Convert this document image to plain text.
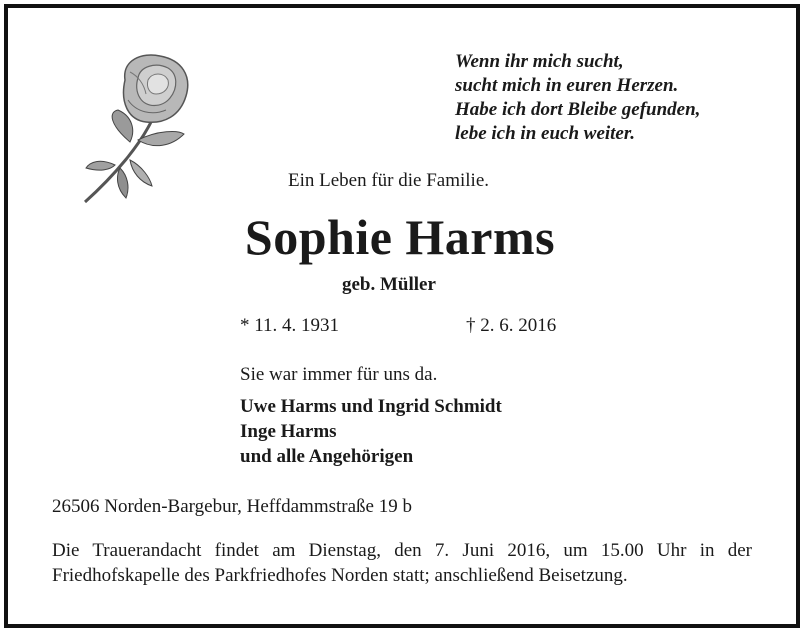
Wenn ihr mich sucht,
sucht mich in euren Herzen.
Habe ich dort Bleibe gefunden,
lebe ich in euch weiter.
Ein Leben für die Familie.
Sophie Harms
geb. Müller
* 11. 4. 1931	† 2. 6. 2016
Sie war immer für uns da.
Uwe Harms und Ingrid Schmidt
Inge Harms
und alle Angehörigen
26506 Norden-Bargebur, Heffdammstraße 19 b
Die Trauerandacht findet am Dienstag, den 7. Juni 2016, um 15.00 Uhr in der Friedhofskapelle des Parkfriedhofes Norden statt; anschließend Beisetzung.
